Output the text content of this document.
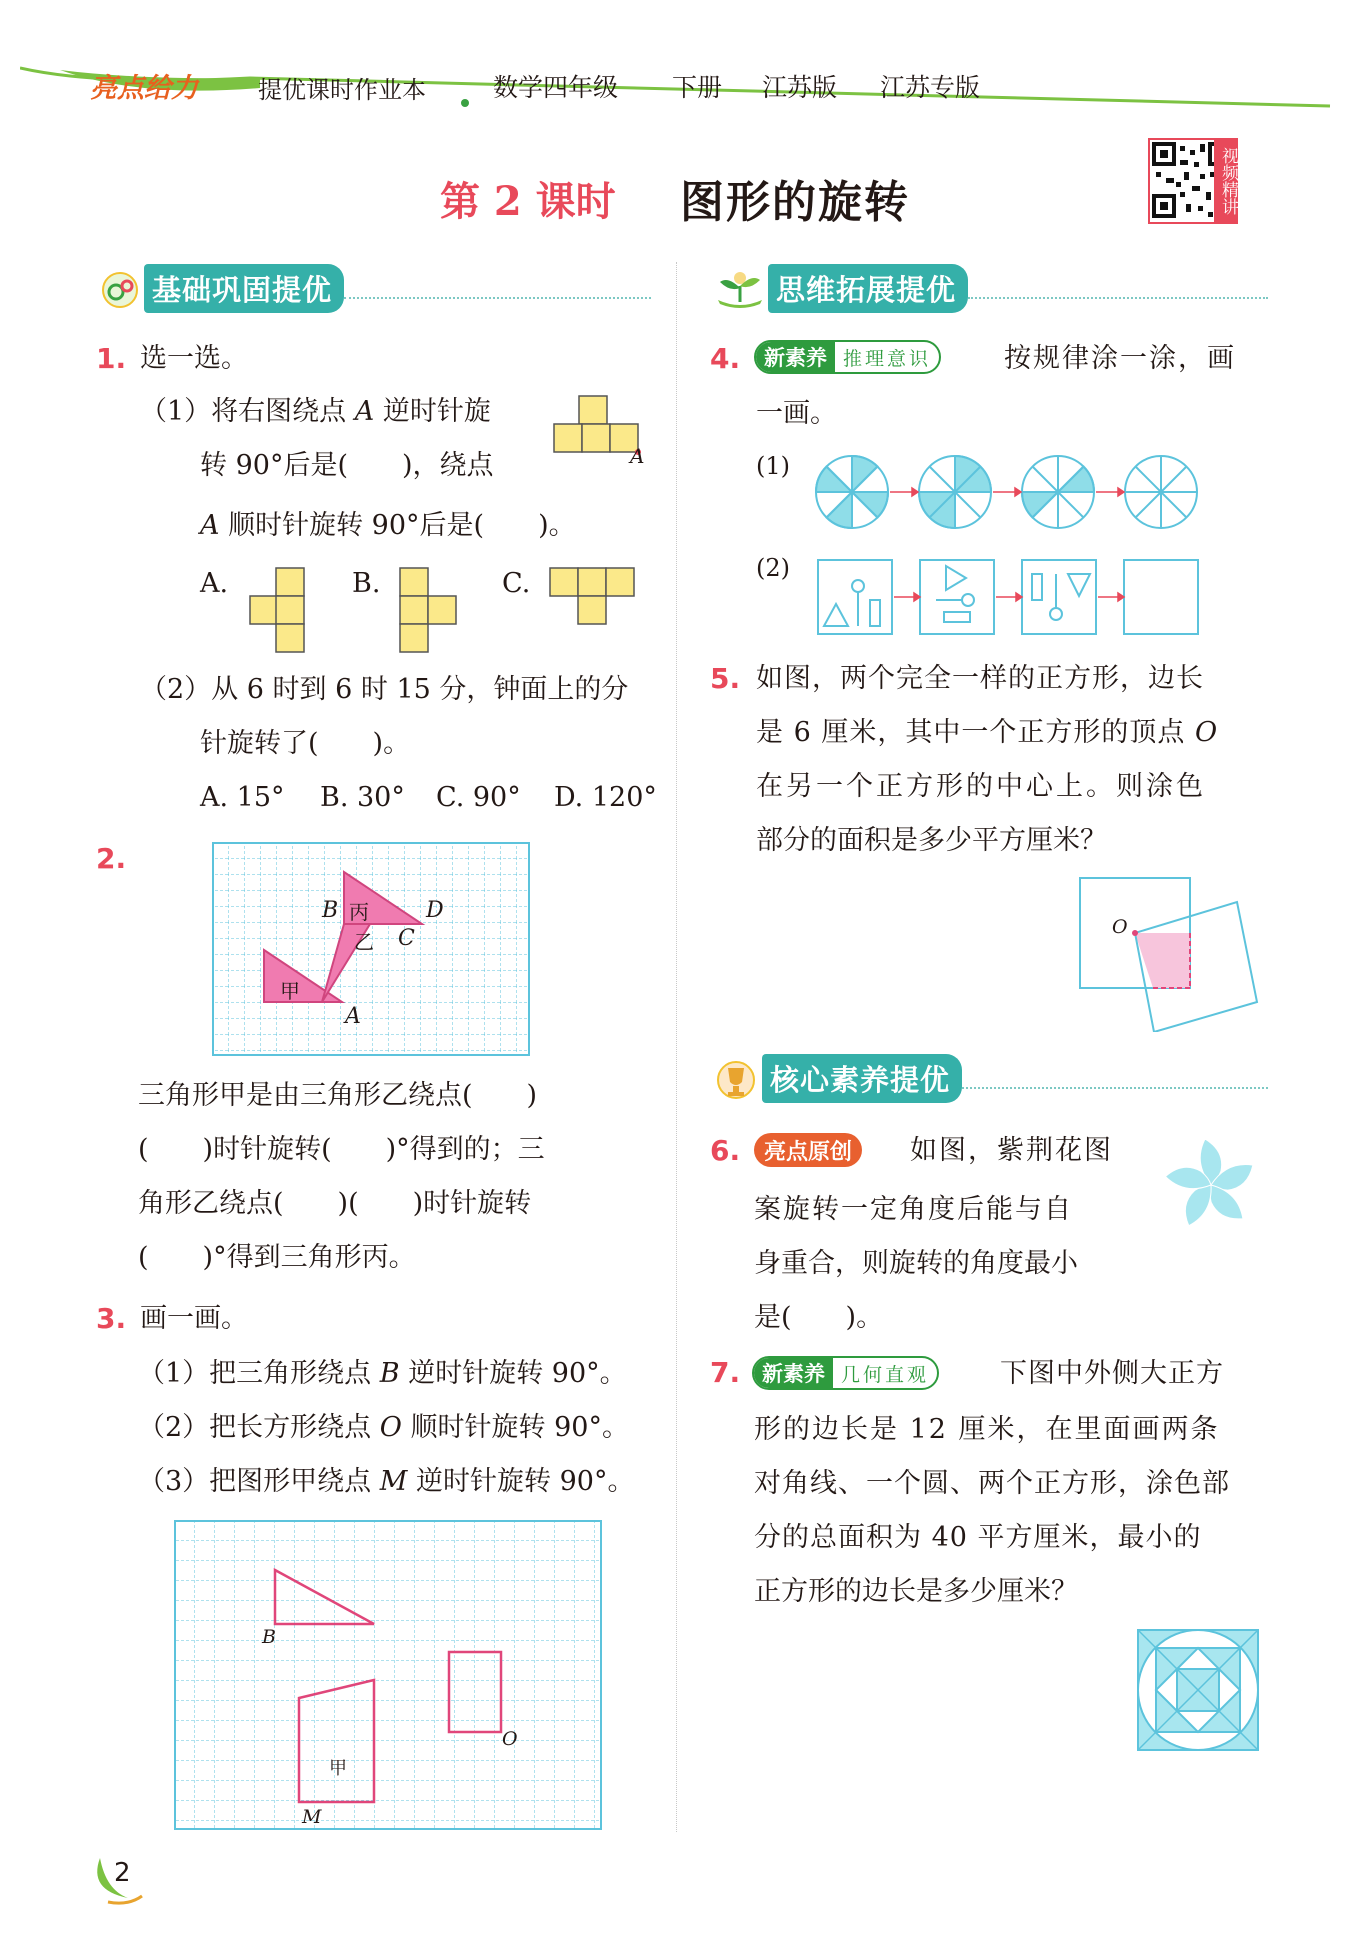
亮点给力	提优课时作业本	数学四年级 下册 江苏版 江苏专版
第 2 课时 图形的旋转	视频精讲
基础巩固提优
1. 选一选。
（1）将右图绕点 A 逆时针旋
转 90°后是(　　)，绕点
A 顺时针旋转 90°后是(　　)。
A
A.	B.	C.
（2）从 6 时到 6 时 15 分，钟面上的分
针旋转了(　　)。
A. 15° B. 30° C. 90° D. 120°
2.
B 丙	D
乙 C
甲
A
三角形甲是由三角形乙绕点(　　)
(　　)时针旋转(　　)°得到的；三
角形乙绕点(　　)(　　)时针旋转
(　　)°得到三角形丙。
3. 画一画。
（1）把三角形绕点 B 逆时针旋转 90°。
（2）把长方形绕点 O 顺时针旋转 90°。
（3）把图形甲绕点 M 逆时针旋转 90°。
B
O
甲
M
2
思维拓展提优
4.	新素养 推理意识	按规律涂一涂，画
一画。
(1)
(2)
5. 如图，两个完全一样的正方形，边长
是 6 厘米，其中一个正方形的顶点 O
在另一个正方形的中心上。则涂色
部分的面积是多少平方厘米？
O
核心素养提优
6.	亮点原创	如图，紫荆花图
案旋转一定角度后能与自
身重合，则旋转的角度最小
是(　　)。
7.	新素养 几何直观	下图中外侧大正方
形的边长是 12 厘米，在里面画两条
对角线、一个圆、两个正方形，涂色部
分的总面积为 40 平方厘米，最小的
正方形的边长是多少厘米？
